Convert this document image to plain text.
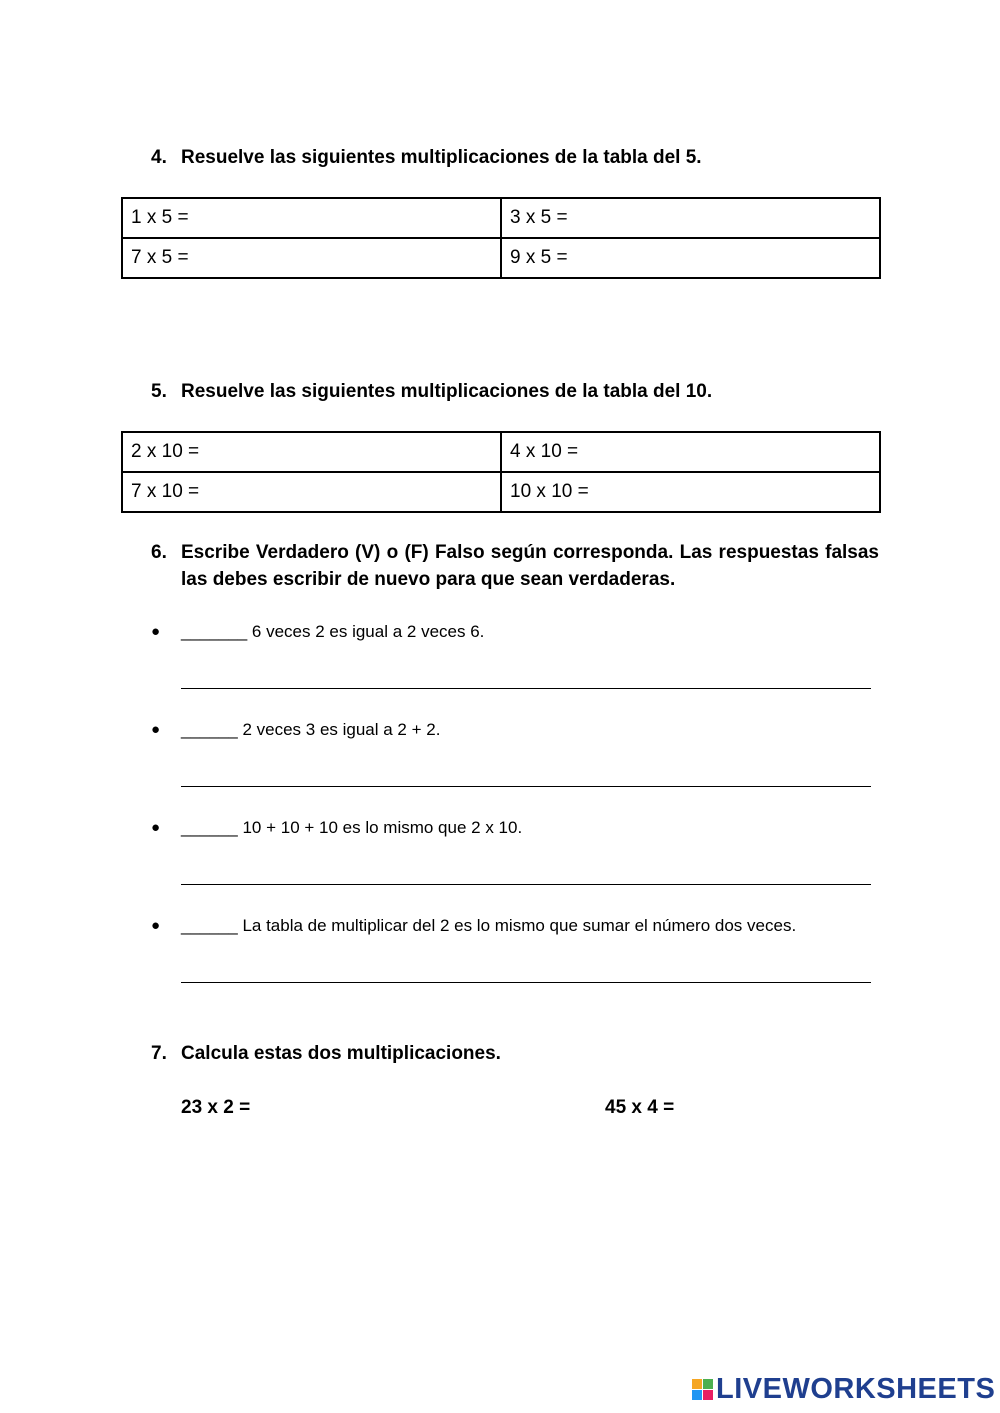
4. Resuelve las siguientes multiplicaciones de la tabla del 5.
1 x 5 =	3 x 5 =
7 x 5 =	9 x 5 =
5. Resuelve las siguientes multiplicaciones de la tabla del 10.
2 x 10 =	4 x 10 =
7 x 10 =	10 x 10 =
6. Escribe Verdadero (V) o (F) Falso según corresponda. Las respuestas falsas las debes escribir de nuevo para que sean verdaderas.
● _______ 6 veces 2 es igual a 2 veces 6.
● ______ 2 veces 3 es igual a 2 + 2.
● ______ 10 + 10 + 10 es lo mismo que 2 x 10.
● ______ La tabla de multiplicar del 2 es lo mismo que sumar el número dos veces.
7. Calcula estas dos multiplicaciones.
23 x 2 =	45 x 4 =
LIVEWORKSHEETS
